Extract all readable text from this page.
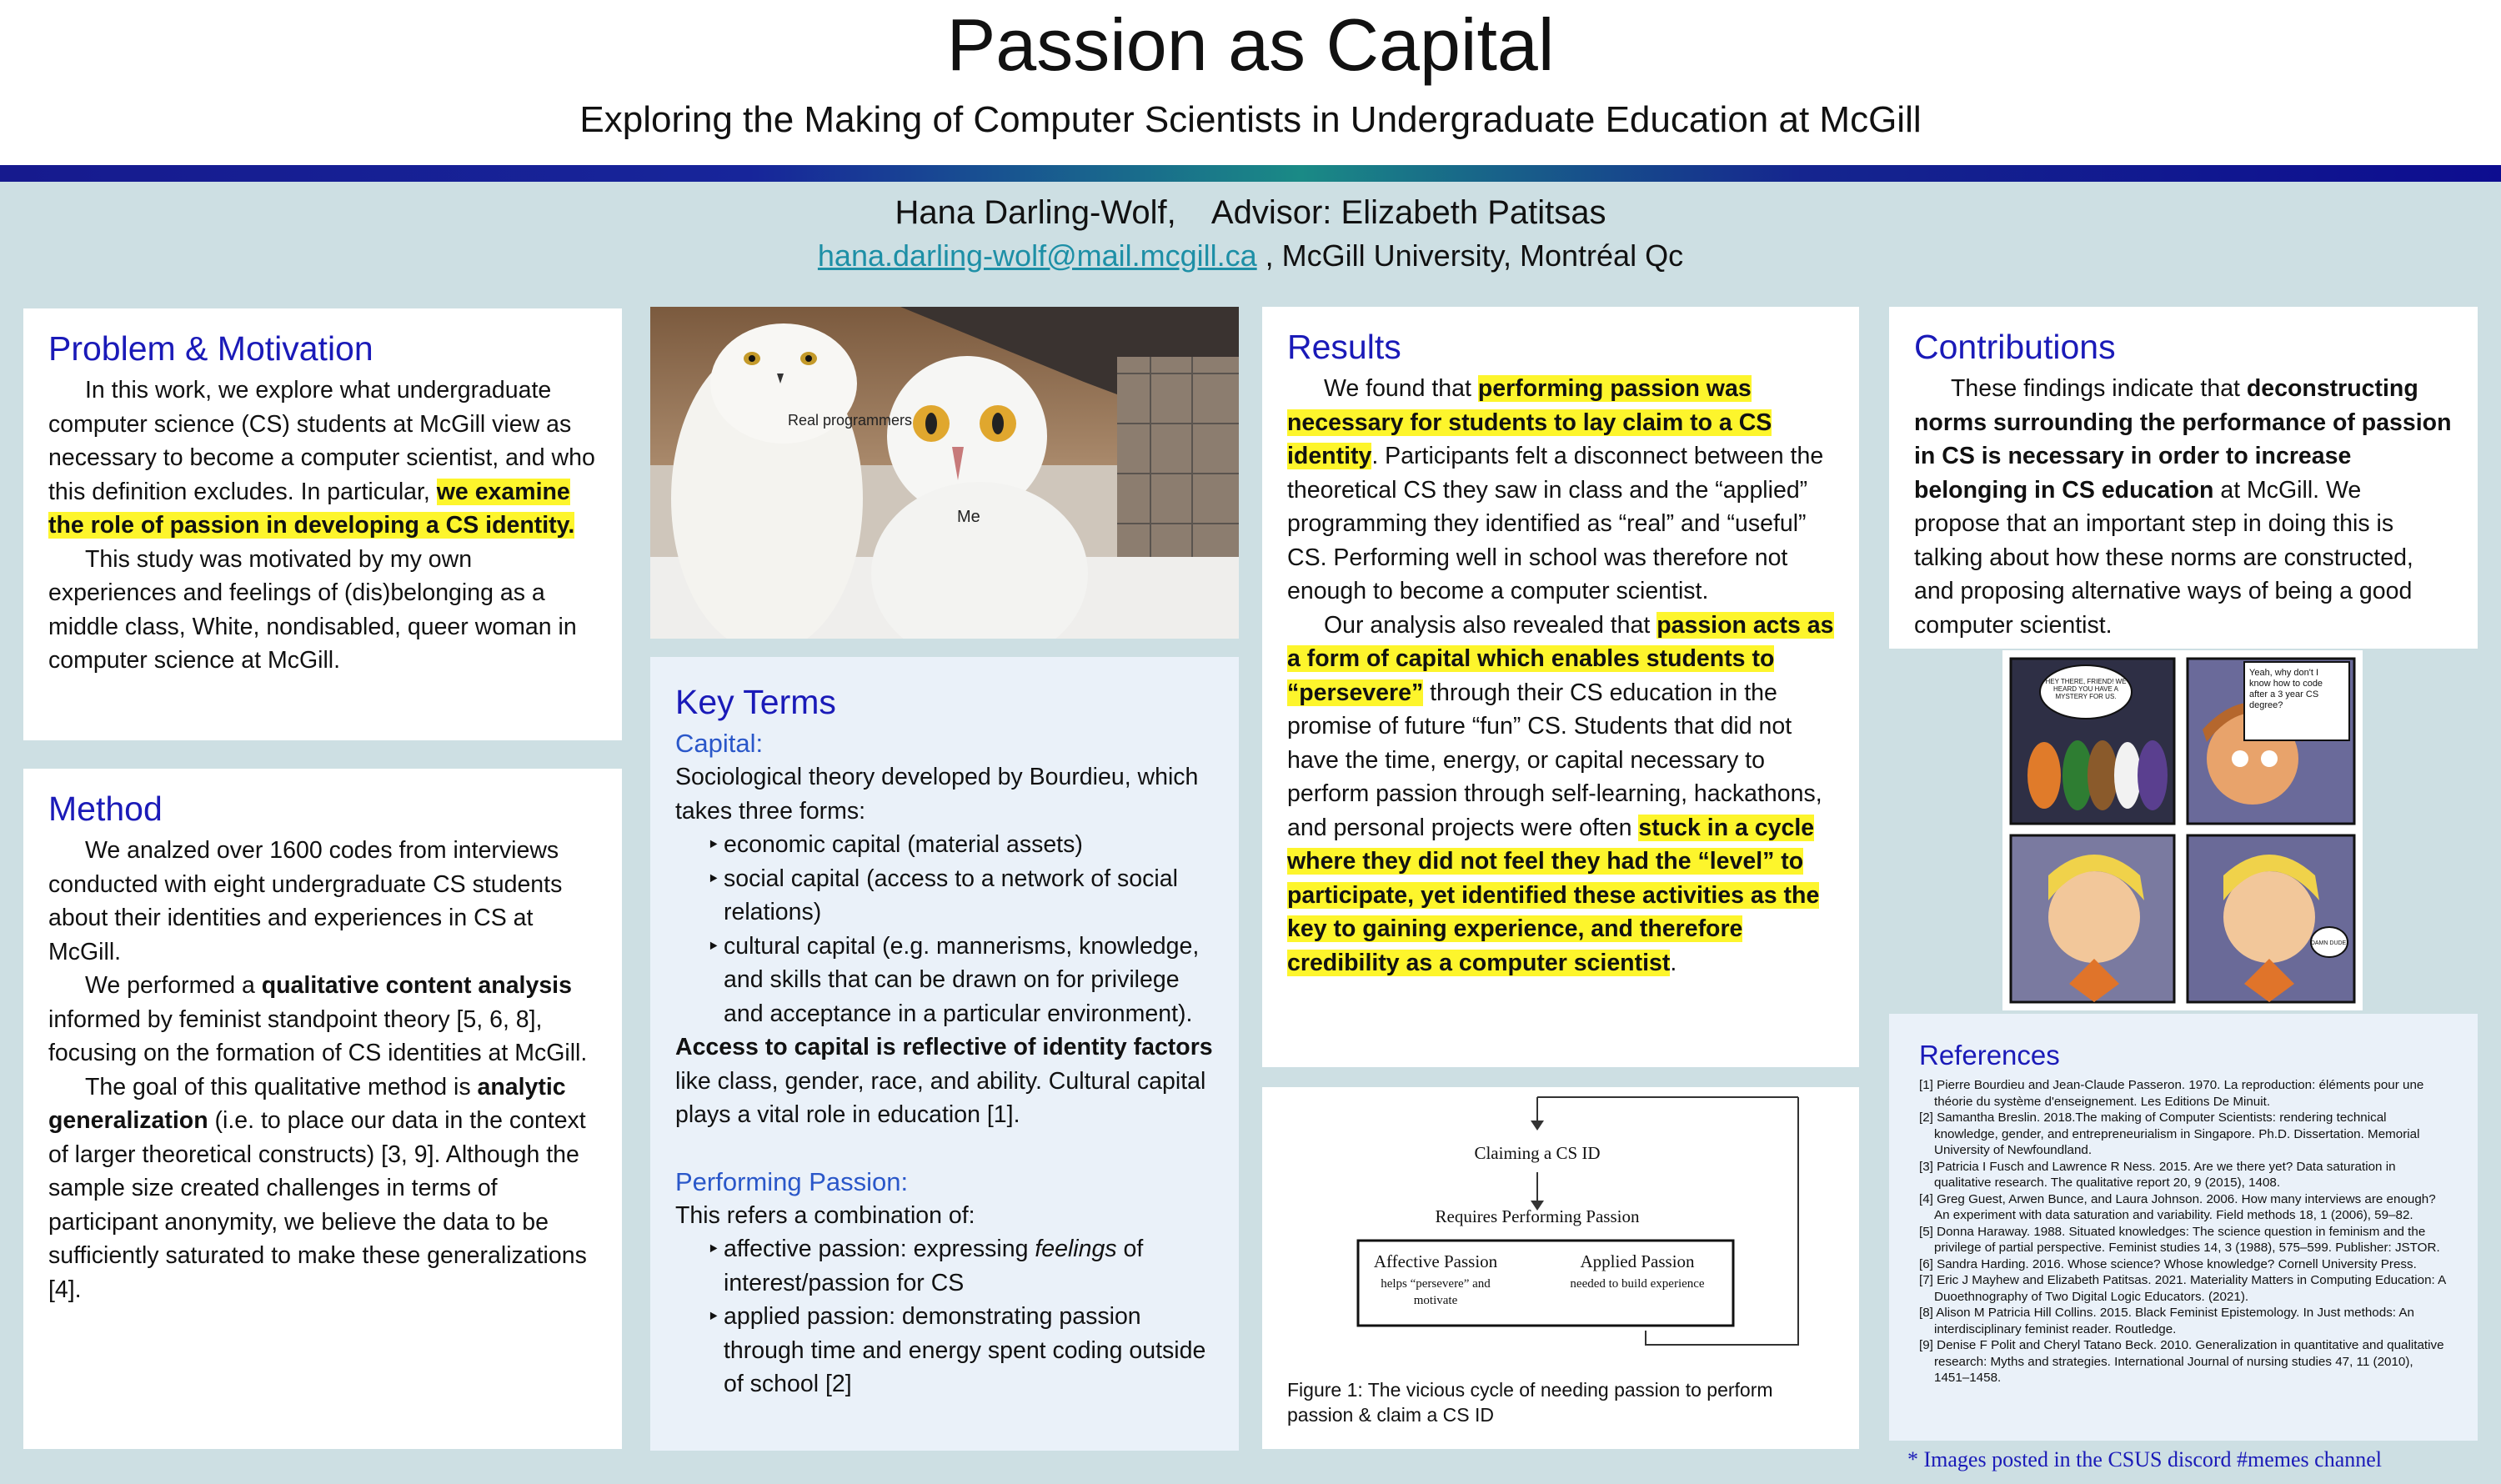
Passion as Capital
Exploring the Making of Computer Scientists in Undergraduate Education at McGill
Hana Darling-Wolf,    Advisor: Elizabeth Patitsas
hana.darling-wolf@mail.mcgill.ca , McGill University, Montréal Qc
Problem & Motivation

In this work, we explore what undergraduate computer science (CS) students at McGill view as necessary to become a computer scientist, and who this definition excludes. In particular, we examine the role of passion in developing a CS identity.

This study was motivated by my own experiences and feelings of (dis)belonging as a middle class, White, nondisabled, queer woman in computer science at McGill.

Method

We analzed over 1600 codes from interviews conducted with eight undergraduate CS students about their identities and experiences in CS at McGill.

We performed a qualitative content analysis informed by feminist standpoint theory [5, 6, 8], focusing on the formation of CS identities at McGill.

The goal of this qualitative method is analytic generalization (i.e. to place our data in the context of larger theoretical constructs) [3, 9]. Although the sample size created challenges in terms of participant anonymity, we believe the data to be sufficiently saturated to make these generalizations [4].

Real programmers
Me
Key Terms

Capital:

Sociological theory developed by Bourdieu, which takes three forms:

‣ economic capital (material assets)
‣ social capital (access to a network of social relations)
‣ cultural capital (e.g. mannerisms, knowledge, and skills that can be drawn on for privilege and acceptance in a particular environment).

Access to capital is reflective of identity factors like class, gender, race, and ability. Cultural capital plays a vital role in education [1].

Performing Passion:

This refers a combination of:

‣ affective passion: expressing feelings of interest/passion for CS
‣ applied passion: demonstrating passion through time and energy spent coding outside of school [2]
Results

We found that performing passion was necessary for students to lay claim to a CS identity. Participants felt a disconnect between the theoretical CS they saw in class and the “applied” programming they identified as “real” and “useful” CS. Performing well in school was therefore not enough to become a computer scientist.

Our analysis also revealed that passion acts as a form of capital which enables students to “persevere” through their CS education in the promise of future “fun” CS. Students that did not have the time, energy, or capital necessary to perform passion through self-learning, hackathons, and personal projects were often stuck in a cycle where they did not feel they had the “level” to participate, yet identified these activities as the key to gaining experience, and therefore credibility as a computer scientist.

Claiming a CS ID
Requires Performing Passion
Affective Passion
helps “persevere” and
motivate
Applied Passion
needed to build experience
Figure 1: The vicious cycle of needing passion to perform passion & claim a CS ID
Contributions

These findings indicate that deconstructing norms surrounding the performance of passion in CS is necessary in order to increase belonging in CS education at McGill. We propose that an important step in doing this is talking about how these norms are constructed, and proposing alternative ways of being a good computer scientist.

HEY THERE, FRIEND! WE HEARD YOU HAVE A MYSTERY FOR US.
Yeah, why don't I know how to code after a 3 year CS degree?
DAMN DUDE.
References

[1] Pierre Bourdieu and Jean-Claude Passeron. 1970. La reproduction: éléments pour une théorie du système d'enseignement. Les Editions De Minuit.

[2] Samantha Breslin. 2018.The making of Computer Scientists: rendering technical knowledge, gender, and entrepreneurialism in Singapore. Ph.D. Dissertation. Memorial University of Newfoundland.

[3] Patricia I Fusch and Lawrence R Ness. 2015. Are we there yet? Data saturation in qualitative research. The qualitative report 20, 9 (2015), 1408.

[4] Greg Guest, Arwen Bunce, and Laura Johnson. 2006. How many interviews are enough? An experiment with data saturation and variability. Field methods 18, 1 (2006), 59–82.

[5] Donna Haraway. 1988. Situated knowledges: The science question in feminism and the privilege of partial perspective. Feminist studies 14, 3 (1988), 575–599. Publisher: JSTOR.

[6] Sandra Harding. 2016. Whose science? Whose knowledge? Cornell University Press.

[7] Eric J Mayhew and Elizabeth Patitsas. 2021. Materiality Matters in Computing Education: A Duoethnography of Two Digital Logic Educators. (2021).

[8] Alison M Patricia Hill Collins. 2015. Black Feminist Epistemology. In Just methods: An interdisciplinary feminist reader. Routledge.

[9] Denise F Polit and Cheryl Tatano Beck. 2010. Generalization in quantitative and qualitative research: Myths and strategies. International Journal of nursing studies 47, 11 (2010), 1451–1458.

* Images posted in the CSUS discord #memes channel
